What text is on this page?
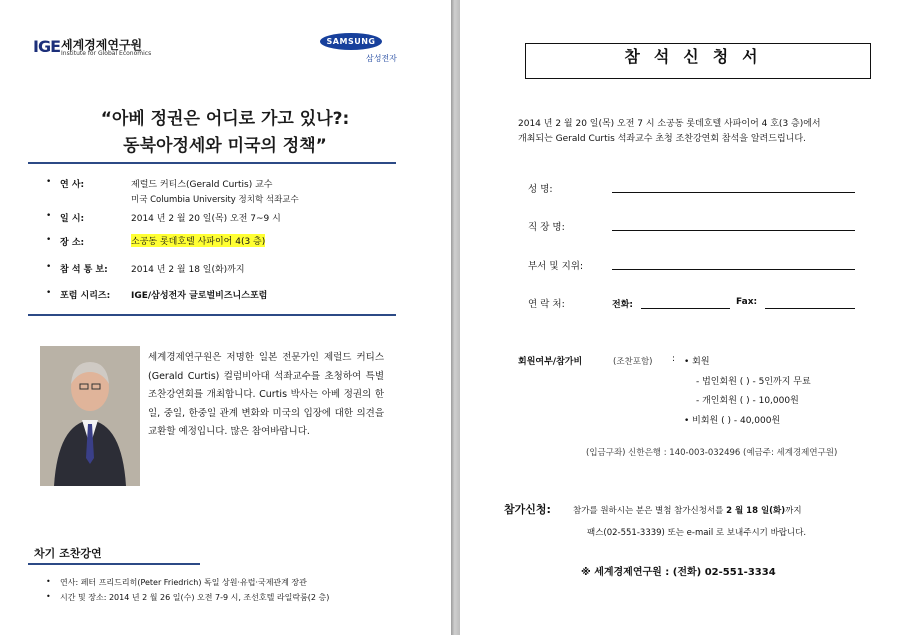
IGE 세계경제연구원
Institute for Global Economics
SAMSUNG
삼성전자
“아베 정권은 어디로 가고 있나?:
동북아정세와 미국의 정책”
• 연 사:	제럴드 커티스(Gerald Curtis) 교수
미국 Columbia University 정치학 석좌교수
• 일 시:	2014 년 2 월 20 일(목) 오전 7~9 시
• 장 소:	소공동 롯데호텔 사파이어 4(3 층)
• 참 석 통 보:	2014 년 2 월 18 일(화)까지
• 포럼 시리즈: IGE/삼성전자 글로벌비즈니스포럼
세계경제연구원은 저명한 일본 전문가인 제럴드 커티스(Gerald Curtis) 컬럼비아대 석좌교수를 초청하여 특별조찬강연회를 개최합니다. Curtis 박사는 아베 정권의 한일, 중일, 한중일 관계 변화와 미국의 입장에 대한 의견을 교환할 예정입니다. 많은 참여바랍니다.
차기 조찬강연
• 연사: 페터 프리드리히(Peter Friedrich) 독일 상원·유럽·국제관계 장관
• 시간 및 장소: 2014 년 2 월 26 일(수) 오전 7-9 시, 조선호텔 라일락룸(2 층)
참석신청서
2014 년 2 월 20 일(목) 오전 7 시 소공동 롯데호텔 사파이어 4 호(3 층)에서
개최되는 Gerald Curtis 석좌교수 초청 조찬강연회 참석을 알려드립니다.
성 명:
직 장 명:
부서 및 지위:
연 락 처:	전화:	Fax:
회원여부/참가비	(조찬포함) : • 회원
- 법인회원 ( ) - 5인까지 무료
- 개인회원 ( ) - 10,000원
• 비회원 ( ) - 40,000원
(입금구좌) 신한은행 : 140-003-032496 (예금주: 세계경제연구원)
참가신청:	참가를 원하시는 분은 별첨 참가신청서를 2 월 18 일(화)까지
팩스(02-551-3339) 또는 e-mail 로 보내주시기 바랍니다.
※ 세계경제연구원 : (전화) 02-551-3334
